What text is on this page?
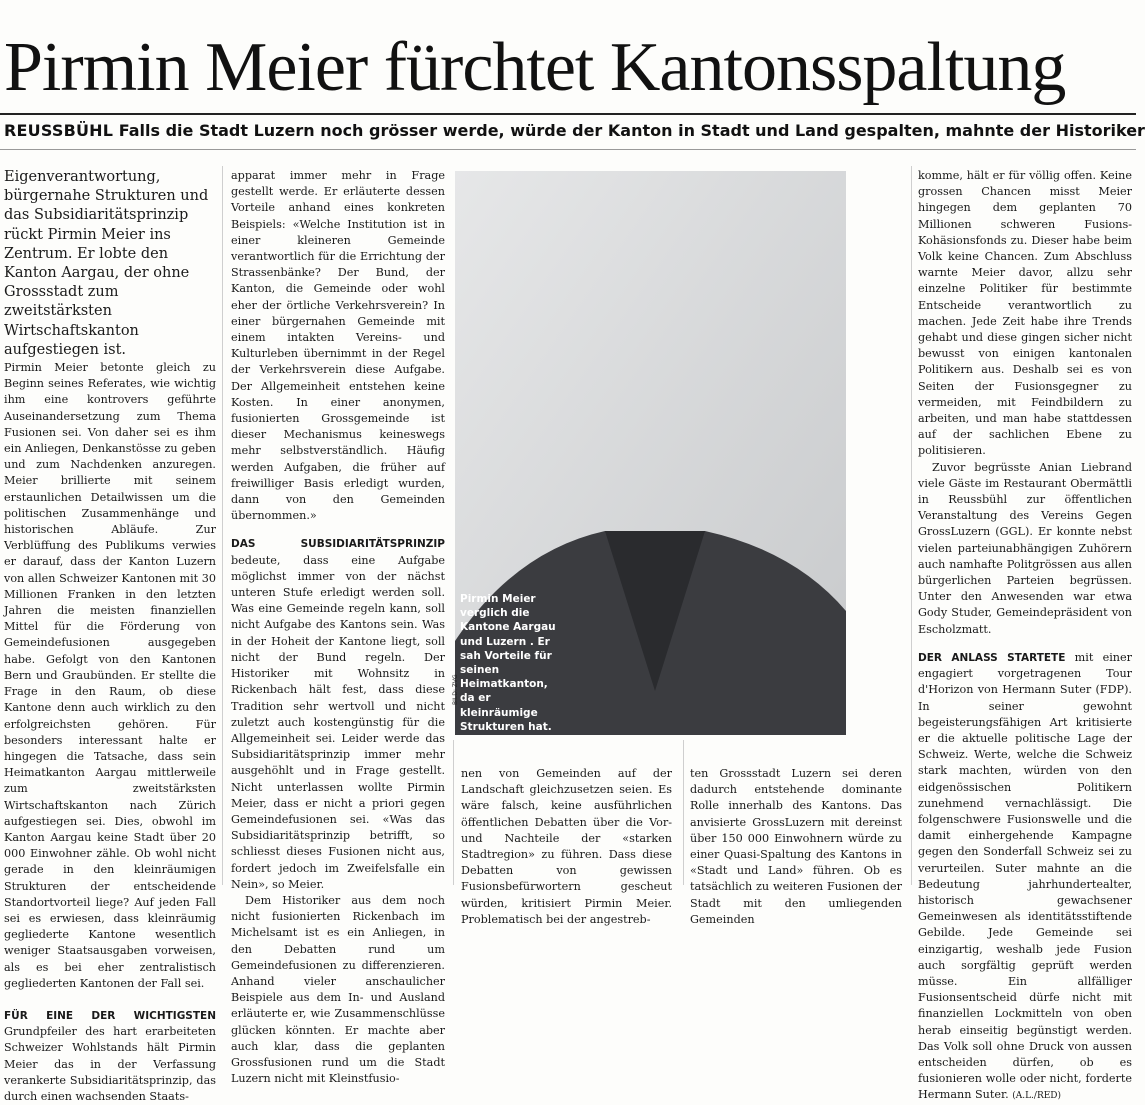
Pirmin Meier fürchtet Kantonsspaltung
REUSSBÜHL Falls die Stadt Luzern noch grösser werde, würde der Kanton in Stadt und Land gespalten, mahnte der Historiker

Eigenverantwortung, bürgernahe Strukturen und das Subsidiaritätsprinzip rückt Pirmin Meier ins Zentrum. Er lobte den Kanton Aargau, der ohne Grossstadt zum zweitstärksten Wirtschaftskanton aufgestiegen ist.

Pirmin Meier betonte gleich zu Beginn seines Referates, wie wichtig ihm eine kontrovers geführte Auseinandersetzung zum Thema Fusionen sei. Von daher sei es ihm ein Anliegen, Denkanstösse zu geben und zum Nachdenken anzuregen. Meier brillierte mit seinem erstaunlichen Detailwissen um die politischen Zusammenhänge und historischen Abläufe. Zur Verblüffung des Publikums verwies er darauf, dass der Kanton Luzern von allen Schweizer Kantonen mit 30 Millionen Franken in den letzten Jahren die meisten finanziellen Mittel für die Förderung von Gemeindefusionen ausgegeben habe. Gefolgt von den Kantonen Bern und Graubünden. Er stellte die Frage in den Raum, ob diese Kantone denn auch wirklich zu den erfolgreichsten gehören. Für besonders interessant halte er hingegen die Tatsache, dass sein Heimatkanton Aargau mittlerweile zum zweitstärksten Wirtschaftskanton nach Zürich aufgestiegen sei. Dies, obwohl im Kanton Aargau keine Stadt über 20 000 Einwohner zähle. Ob wohl nicht gerade in den kleinräumigen Strukturen der entscheidende Standortvorteil liege? Auf jeden Fall sei es erwiesen, dass kleinräumig gegliederte Kantone wesentlich weniger Staatsausgaben vorweisen, als es bei eher zentralistisch gegliederten Kantonen der Fall sei.

FÜR EINE DER WICHTIGSTEN Grundpfeiler des hart erarbeiteten Schweizer Wohlstands hält Pirmin Meier das in der Verfassung verankerte Subsidiaritätsprinzip, das durch einen wachsenden Staats-

apparat immer mehr in Frage gestellt werde. Er erläuterte dessen Vorteile anhand eines konkreten Beispiels: «Welche Institution ist in einer kleineren Gemeinde verantwortlich für die Errichtung der Strassenbänke? Der Bund, der Kanton, die Gemeinde oder wohl eher der örtliche Verkehrsverein? In einer bürgernahen Gemeinde mit einem intakten Vereins- und Kulturleben übernimmt in der Regel der Verkehrsverein diese Aufgabe. Der Allgemeinheit entstehen keine Kosten. In einer anonymen, fusionierten Grossgemeinde ist dieser Mechanismus keineswegs mehr selbstverständlich. Häufig werden Aufgaben, die früher auf freiwilliger Basis erledigt wurden, dann von den Gemeinden übernommen.»

DAS SUBSIDIARITÄTSPRINZIP bedeute, dass eine Aufgabe möglichst immer von der nächst unteren Stufe erledigt werden soll. Was eine Gemeinde regeln kann, soll nicht Aufgabe des Kantons sein. Was in der Hoheit der Kantone liegt, soll nicht der Bund regeln. Der Historiker mit Wohnsitz in Rickenbach hält fest, dass diese Tradition sehr wertvoll und nicht zuletzt auch kostengünstig für die Allgemeinheit sei. Leider werde das Subsidiaritätsprinzip immer mehr ausgehöhlt und in Frage gestellt. Nicht unterlassen wollte Pirmin Meier, dass er nicht a priori gegen Gemeindefusionen sei. «Was das Subsidiaritätsprinzip betrifft, so schliesst dieses Fusionen nicht aus, fordert jedoch im Zweifelsfalle ein Nein», so Meier.

Dem Historiker aus dem noch nicht fusionierten Rickenbach im Michelsamt ist es ein Anliegen, in den Debatten rund um Gemeindefusionen zu differenzieren. Anhand vieler anschaulicher Beispiele aus dem In- und Ausland erläuterte er, wie Zusammenschlüsse glücken könnten. Er machte aber auch klar, dass die geplanten Grossfusionen rund um die Stadt Luzern nicht mit Kleinstfusio-

Pirmin Meier verglich die Kantone Aargau und Luzern . Er sah Vorteile für seinen Heimatkanton, da er kleinräumige Strukturen hat.
BILD: ZVG

nen von Gemeinden auf der Landschaft gleichzusetzen seien. Es wäre falsch, keine ausführlichen öffentlichen Debatten über die Vor- und Nachteile der «starken Stadtregion» zu führen. Dass diese Debatten von gewissen Fusionsbefürwortern gescheut würden, kritisiert Pirmin Meier. Problematisch bei der angestreb-

ten Grossstadt Luzern sei deren dadurch entstehende dominante Rolle innerhalb des Kantons. Das anvisierte GrossLuzern mit dereinst über 150 000 Einwohnern würde zu einer Quasi-Spaltung des Kantons in «Stadt und Land» führen. Ob es tatsächlich zu weiteren Fusionen der Stadt mit den umliegenden Gemeinden

komme, hält er für völlig offen. Keine grossen Chancen misst Meier hingegen dem geplanten 70 Millionen schweren Fusions-Kohäsionsfonds zu. Dieser habe beim Volk keine Chancen. Zum Abschluss warnte Meier davor, allzu sehr einzelne Politiker für bestimmte Entscheide verantwortlich zu machen. Jede Zeit habe ihre Trends gehabt und diese gingen sicher nicht bewusst von einigen kantonalen Politikern aus. Deshalb sei es von Seiten der Fusionsgegner zu vermeiden, mit Feindbildern zu arbeiten, und man habe stattdessen auf der sachlichen Ebene zu politisieren.

Zuvor begrüsste Anian Liebrand viele Gäste im Restaurant Obermättli in Reussbühl zur öffentlichen Veranstaltung des Vereins Gegen GrossLuzern (GGL). Er konnte nebst vielen parteiunabhängigen Zuhörern auch namhafte Politgrössen aus allen bürgerlichen Parteien begrüssen. Unter den Anwesenden war etwa Gody Studer, Gemeindepräsident von Escholzmatt.

DER ANLASS STARTETE mit einer engagiert vorgetragenen Tour d'Horizon von Hermann Suter (FDP). In seiner gewohnt begeisterungsfähigen Art kritisierte er die aktuelle politische Lage der Schweiz. Werte, welche die Schweiz stark machten, würden von den eidgenössischen Politikern zunehmend vernachlässigt. Die folgenschwere Fusionswelle und die damit einhergehende Kampagne gegen den Sonderfall Schweiz sei zu verurteilen. Suter mahnte an die Bedeutung jahrhundertealter, historisch gewachsener Gemeinwesen als identitätsstiftende Gebilde. Jede Gemeinde sei einzigartig, weshalb jede Fusion auch sorgfältig geprüft werden müsse. Ein allfälliger Fusionsentscheid dürfe nicht mit finanziellen Lockmitteln von oben herab einseitig begünstigt werden. Das Volk soll ohne Druck von aussen entscheiden dürfen, ob es fusionieren wolle oder nicht, forderte Hermann Suter. (A.L./RED)
